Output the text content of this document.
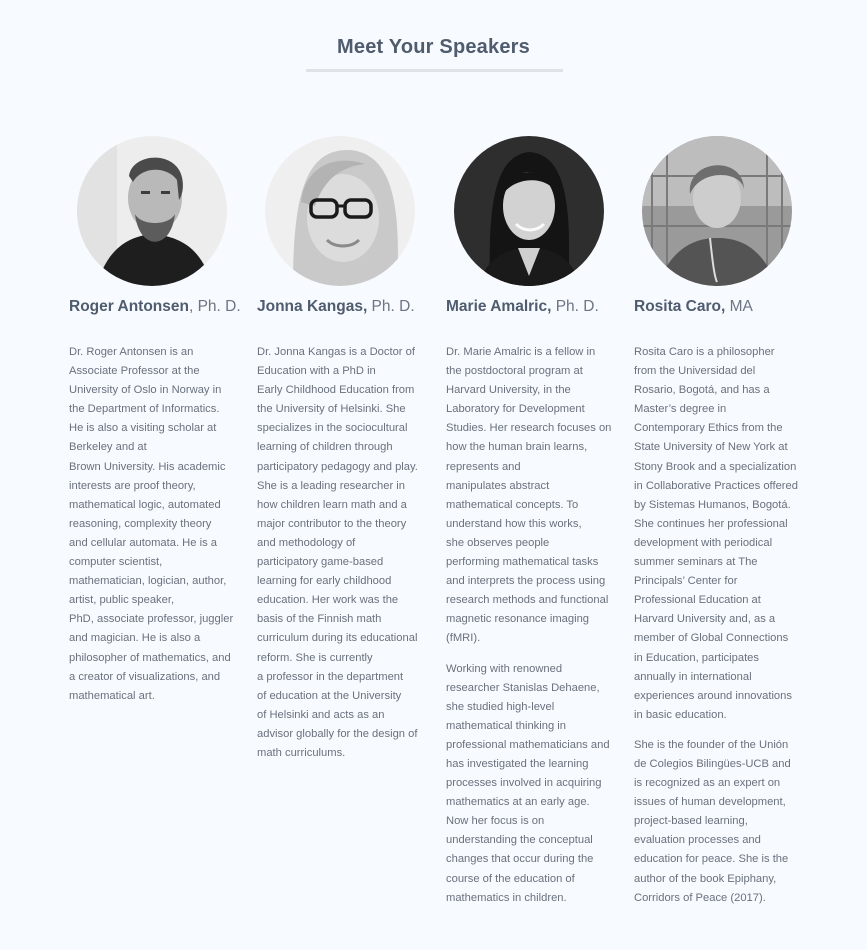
Meet Your Speakers

Roger Antonsen, Ph. D.

Dr. Roger Antonsen is an
Associate Professor at the
University of Oslo in Norway in
the Department of Informatics.
He is also a visiting scholar at
Berkeley and at
Brown University. His academic
interests are proof theory,
mathematical logic, automated
reasoning, complexity theory
and cellular automata. He is a
computer scientist,
mathematician, logician, author,
artist, public speaker,
PhD, associate professor, juggler
and magician. He is also a
philosopher of mathematics, and
a creator of visualizations, and
mathematical art.

Jonna Kangas, Ph. D.

Dr. Jonna Kangas is a Doctor of
Education with a PhD in
Early Childhood Education from
the University of Helsinki. She
specializes in the sociocultural
learning of children through
participatory pedagogy and play.
She is a leading researcher in
how children learn math and a
major contributor to the theory
and methodology of
participatory game-based
learning for early childhood
education. Her work was the
basis of the Finnish math
curriculum during its educational
reform. She is currently
a professor in the department
of education at the University
of Helsinki and acts as an
advisor globally for the design of
math curriculums.

Marie Amalric, Ph. D.

Dr. Marie Amalric is a fellow in
the postdoctoral program at
Harvard University, in the
Laboratory for Development
Studies. Her research focuses on
how the human brain learns,
represents and
manipulates abstract
mathematical concepts. To
understand how this works,
she observes people
performing mathematical tasks
and interprets the process using
research methods and functional
magnetic resonance imaging
(fMRI).

Working with renowned
researcher Stanislas Dehaene,
she studied high-level
mathematical thinking in
professional mathematicians and
has investigated the learning
processes involved in acquiring
mathematics at an early age.
Now her focus is on
understanding the conceptual
changes that occur during the
course of the education of
mathematics in children.

Rosita Caro, MA

Rosita Caro is a philosopher
from the Universidad del
Rosario, Bogotá, and has a
Master’s degree in
Contemporary Ethics from the
State University of New York at
Stony Brook and a specialization
in Collaborative Practices offered
by Sistemas Humanos, Bogotá.
She continues her professional
development with periodical
summer seminars at The
Principals’ Center for
Professional Education at
Harvard University and, as a
member of Global Connections
in Education, participates
annually in international
experiences around innovations
in basic education.

She is the founder of the Unión
de Colegios Bilingües-UCB and
is recognized as an expert on
issues of human development,
project-based learning,
evaluation processes and
education for peace. She is the
author of the book Epiphany,
Corridors of Peace (2017).
